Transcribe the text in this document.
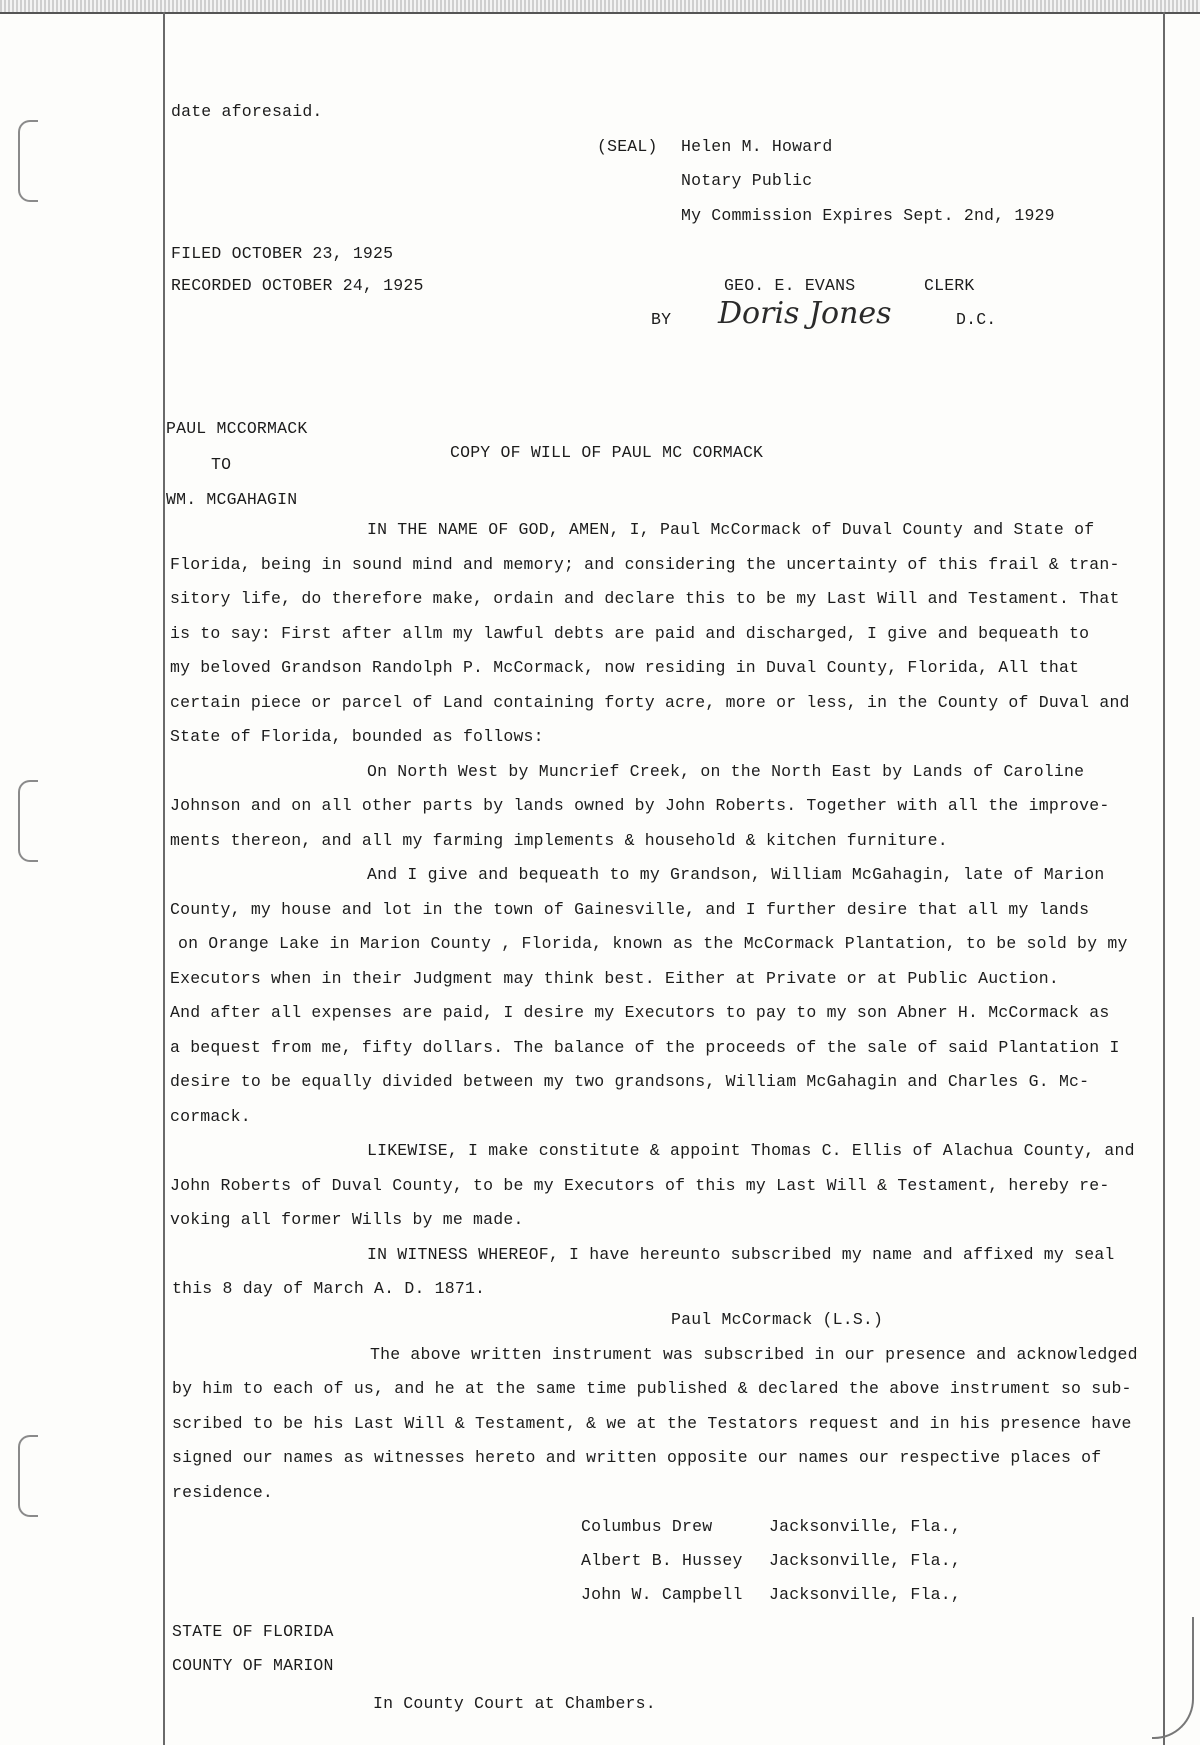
date aforesaid.
(SEAL) Helen M. Howard
Notary Public
My Commission Expires Sept. 2nd, 1929
FILED OCTOBER 23, 1925
RECORDED OCTOBER 24, 1925	GEO. E. EVANS	CLERK
BY Doris Jones	D.C.
PAUL MCCORMACK
TO
COPY OF WILL OF PAUL MC CORMACK
WM. MCGAHAGIN
IN THE NAME OF GOD, AMEN, I, Paul McCormack of Duval County and State of
Florida, being in sound mind and memory; and considering the uncertainty of this frail & tran-
sitory life, do therefore make, ordain and declare this to be my Last Will and Testament. That
is to say: First after allm my lawful debts are paid and discharged, I give and bequeath to
my beloved Grandson Randolph P. McCormack, now residing in Duval County, Florida, All that
certain piece or parcel of Land containing forty acre, more or less, in the County of Duval and
State of Florida, bounded as follows:
On North West by Muncrief Creek, on the North East by Lands of Caroline
Johnson and on all other parts by lands owned by John Roberts. Together with all the improve-
ments thereon, and all my farming implements & household & kitchen furniture.
And I give and bequeath to my Grandson, William McGahagin, late of Marion
County, my house and lot in the town of Gainesville, and I further desire that all my lands
on Orange Lake in Marion County , Florida, known as the McCormack Plantation, to be sold by my
Executors when in their Judgment may think best. Either at Private or at Public Auction.
And after all expenses are paid, I desire my Executors to pay to my son Abner H. McCormack as
a bequest from me, fifty dollars. The balance of the proceeds of the sale of said Plantation I
desire to be equally divided between my two grandsons, William McGahagin and Charles G. Mc-
cormack.
LIKEWISE, I make constitute & appoint Thomas C. Ellis of Alachua County, and
John Roberts of Duval County, to be my Executors of this my Last Will & Testament, hereby re-
voking all former Wills by me made.
IN WITNESS WHEREOF, I have hereunto subscribed my name and affixed my seal
this 8 day of March A. D. 1871.
Paul McCormack (L.S.)
The above written instrument was subscribed in our presence and acknowledged
by him to each of us, and he at the same time published & declared the above instrument so sub-
scribed to be his Last Will & Testament, & we at the Testators request and in his presence have
signed our names as witnesses hereto and written opposite our names our respective places of
residence.
Columbus Drew	Jacksonville, Fla.,
Albert B. Hussey Jacksonville, Fla.,
John W. Campbell Jacksonville, Fla.,
STATE OF FLORIDA
COUNTY OF MARION
In County Court at Chambers.
